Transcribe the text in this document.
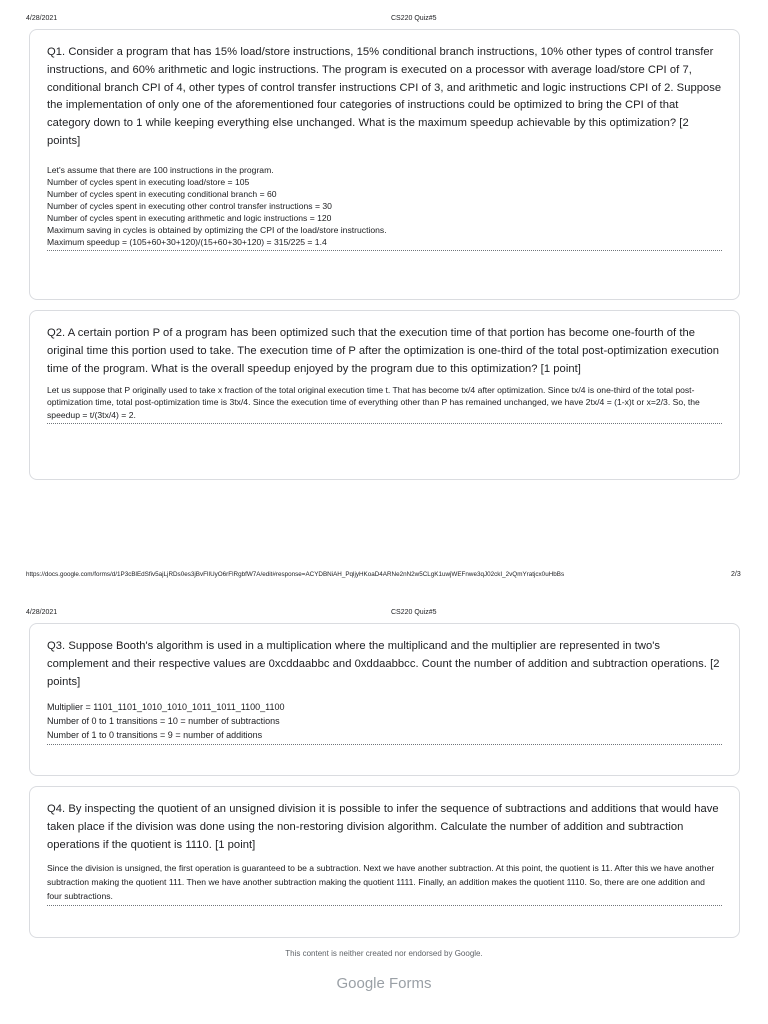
4/28/2021	CS220 Quiz#5

Q1. Consider a program that has 15% load/store instructions, 15% conditional branch instructions, 10% other types of control transfer instructions, and 60% arithmetic and logic instructions. The program is executed on a processor with average load/store CPI of 7, conditional branch CPI of 4, other types of control transfer instructions CPI of 3, and arithmetic and logic instructions CPI of 2. Suppose the implementation of only one of the aforementioned four categories of instructions could be optimized to bring the CPI of that category down to 1 while keeping everything else unchanged. What is the maximum speedup achievable by this optimization? [2 points]

Let's assume that there are 100 instructions in the program.
Number of cycles spent in executing load/store = 105
Number of cycles spent in executing conditional branch = 60
Number of cycles spent in executing other control transfer instructions = 30
Number of cycles spent in executing arithmetic and logic instructions = 120
Maximum saving in cycles is obtained by optimizing the CPI of the load/store instructions.
Maximum speedup = (105+60+30+120)/(15+60+30+120) = 315/225 = 1.4

Q2. A certain portion P of a program has been optimized such that the execution time of that portion has become one-fourth of the original time this portion used to take. The execution time of P after the optimization is one-third of the total post-optimization execution time of the program. What is the overall speedup enjoyed by the program due to this optimization? [1 point]

Let us suppose that P originally used to take x fraction of the total original execution time t. That has become tx/4 after optimization. Since tx/4 is one-third of the total post-optimization time, total post-optimization time is 3tx/4. Since the execution time of everything other than P has remained unchanged, we have 2tx/4 = (1-x)t or x=2/3. So, the speedup = t/(3tx/4) = 2.
https://docs.google.com/forms/d/1P3cBlEdSfiv5ajLjRDs0es3jBvFlIUyO6rFlRgbfW7A/edit#response=ACYDBNiAH_PqljyHKoaD4ARNe2nN2w5CLgK1uwjWEFnwe3qJ02ckI_2vQmYratjcx0uHbBs	2/3
4/28/2021	CS220 Quiz#5

Q3. Suppose Booth's algorithm is used in a multiplication where the multiplicand and the multiplier are represented in two's complement and their respective values are 0xcddaabbc and 0xddaabbcc. Count the number of addition and subtraction operations. [2 points]

Multiplier = 1101_1101_1010_1010_1011_1011_1100_1100
Number of 0 to 1 transitions = 10 = number of subtractions
Number of 1 to 0 transitions = 9 = number of additions

Q4. By inspecting the quotient of an unsigned division it is possible to infer the sequence of subtractions and additions that would have taken place if the division was done using the non-restoring division algorithm. Calculate the number of addition and subtraction operations if the quotient is 1110. [1 point]

Since the division is unsigned, the first operation is guaranteed to be a subtraction. Next we have another subtraction. At this point, the quotient is 11. After this we have another subtraction making the quotient 111. Then we have another subtraction making the quotient 1111. Finally, an addition makes the quotient 1110. So, there are one addition and four subtractions.
This content is neither created nor endorsed by Google.
Google Forms
